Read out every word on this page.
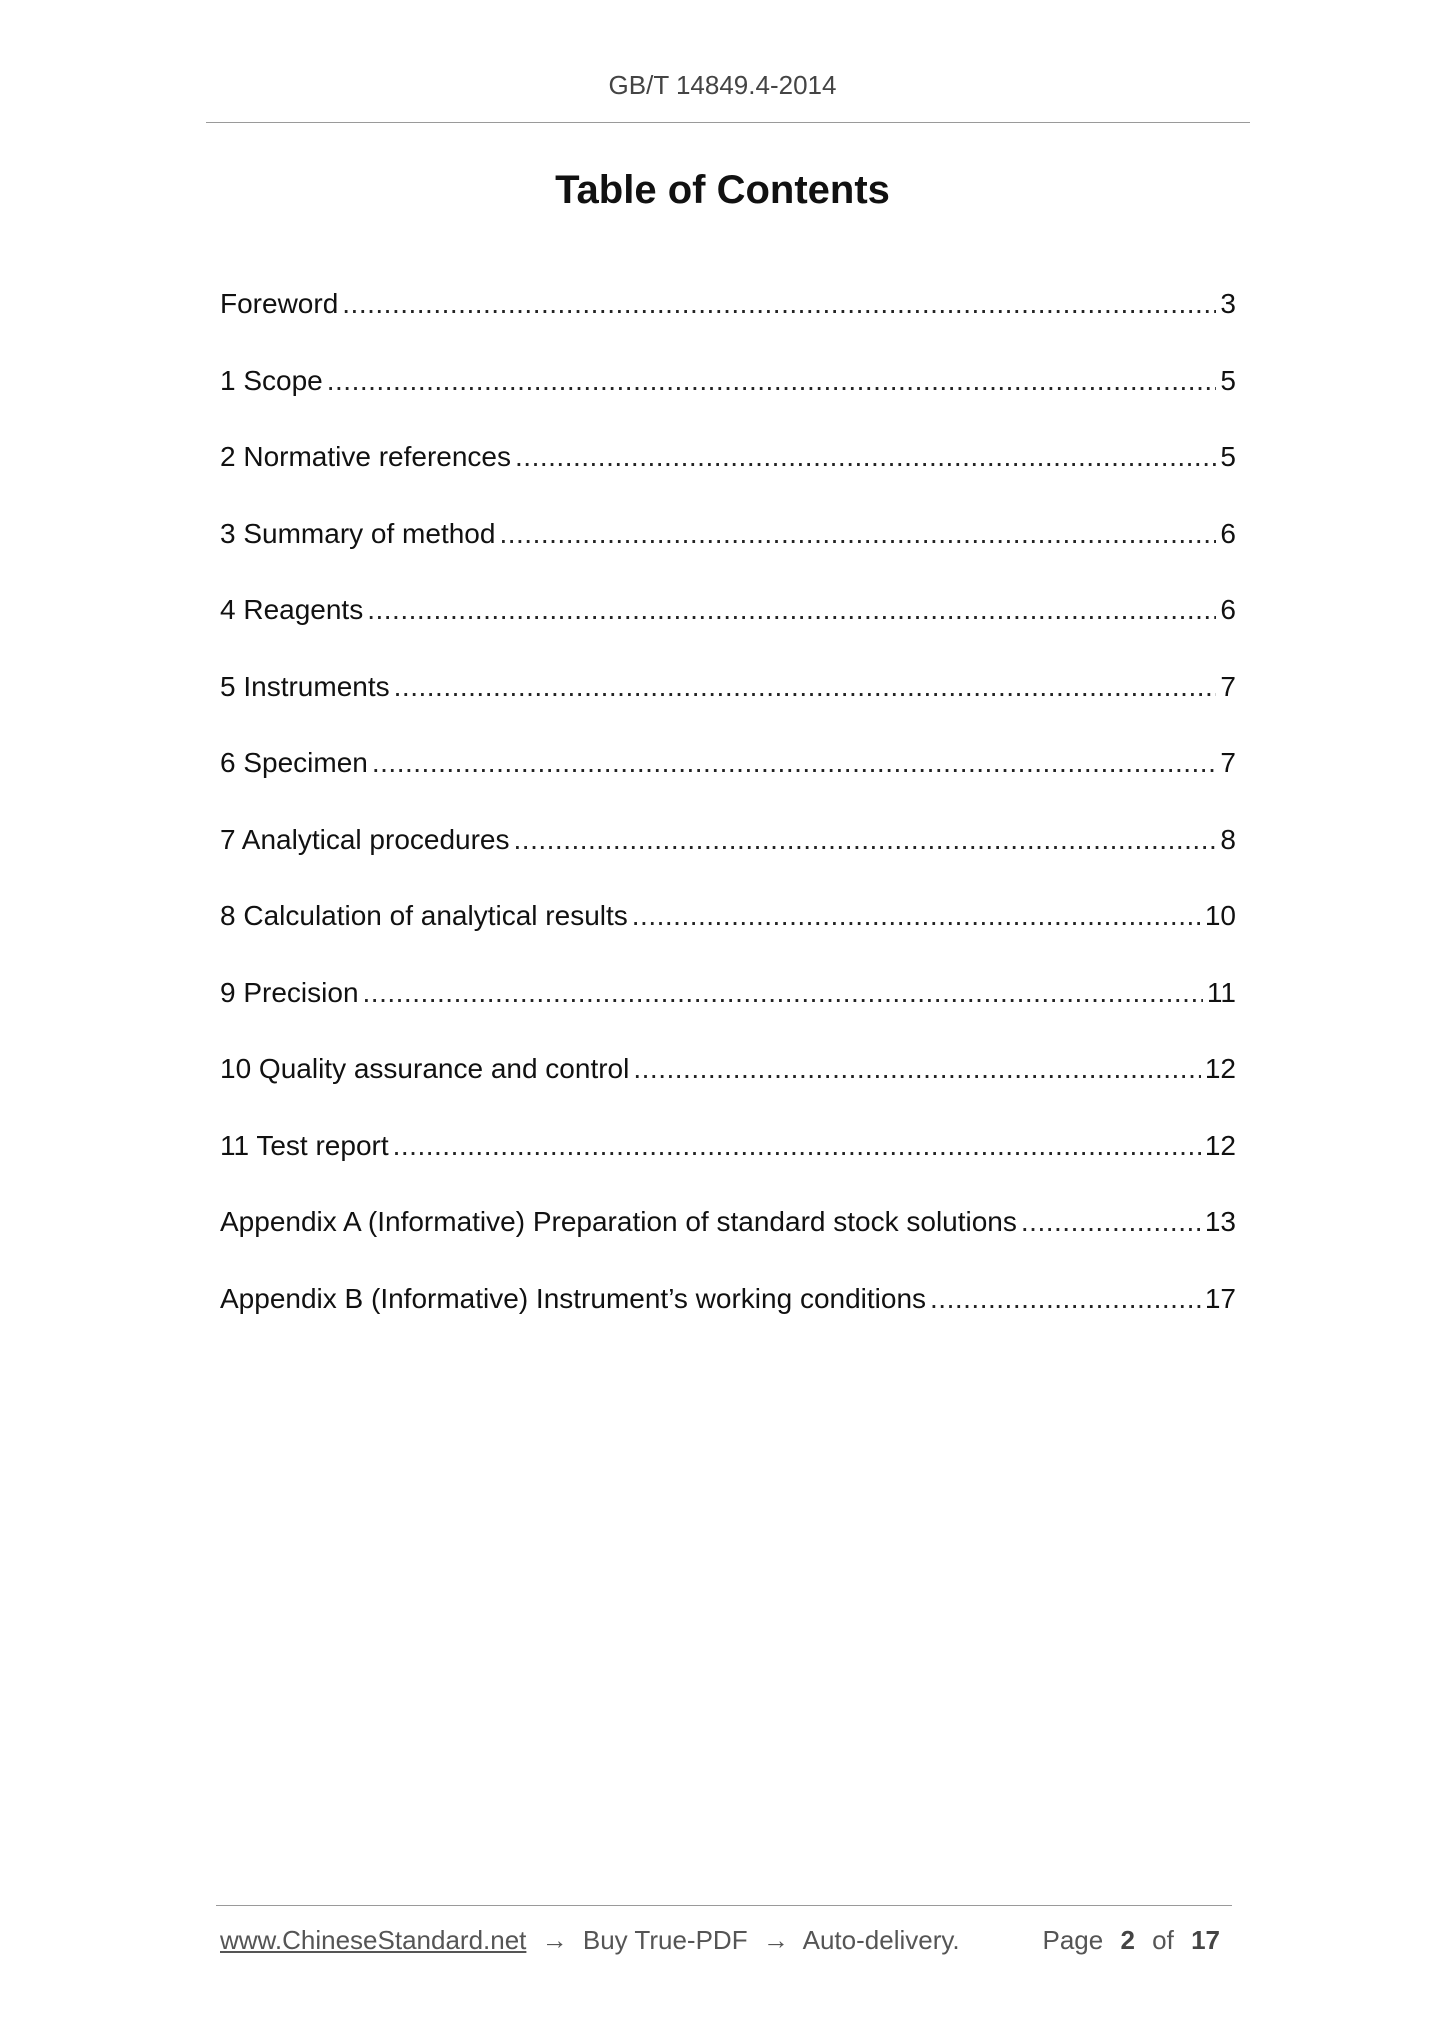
GB/T 14849.4-2014
Table of Contents
Foreword .....	3
1 Scope .....	5
2 Normative references .....	5
3 Summary of method .....	6
4 Reagents .....	6
5 Instruments .....	7
6 Specimen .....	7
7 Analytical procedures .....	8
8 Calculation of analytical results .....	10
9 Precision .....	11
10 Quality assurance and control .....	12
11 Test report .....	12
Appendix A (Informative) Preparation of standard stock solutions .....	13
Appendix B (Informative) Instrument’s working conditions .....	17
www.ChineseStandard.net → Buy True-PDF → Auto-delivery.	Page 2 of 17
